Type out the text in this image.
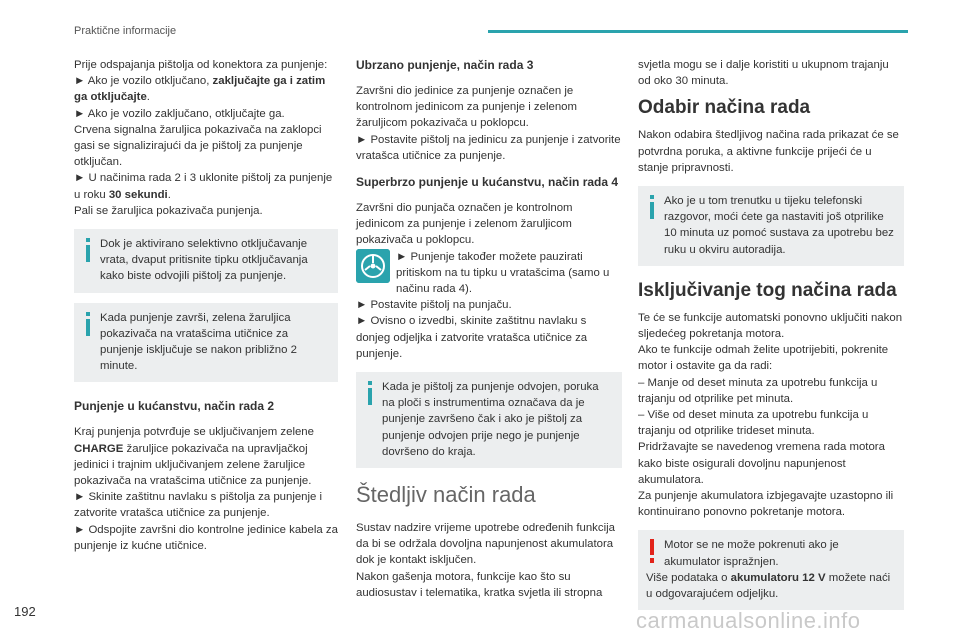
Praktične informacije

Prije odspajanja pištolja od konektora za punjenje:

► Ako je vozilo otključano, zaključajte ga i zatim ga otključajte.

► Ako je vozilo zaključano, otključajte ga.

Crvena signalna žaruljica pokazivača na zaklopci gasi se signalizirajući da je pištolj za punjenje otključan.

► U načinima rada 2 i 3 uklonite pištolj za punjenje u roku 30 sekundi.

Pali se žaruljica pokazivača punjenja.

Dok je aktivirano selektivno otključavanje vrata, dvaput pritisnite tipku otključavanja kako biste odvojili pištolj za punjenje.
Kada punjenje završi, zelena žaruljica pokazivača na vratašcima utičnice za punjenje isključuje se nakon približno 2 minute.
Punjenje u kućanstvu, način rada 2

Kraj punjenja potvrđuje se uključivanjem zelene CHARGE žaruljice pokazivača na upravljačkoj jedinici i trajnim uključivanjem zelene žaruljice pokazivača na vratašcima utičnice za punjenje.

► Skinite zaštitnu navlaku s pištolja za punjenje i zatvorite vratašca utičnice za punjenje.

► Odspojite završni dio kontrolne jedinice kabela za punjenje iz kućne utičnice.

Ubrzano punjenje, način rada 3

Završni dio jedinice za punjenje označen je kontrolnom jedinicom za punjenje i zelenom žaruljicom pokazivača u poklopcu.

► Postavite pištolj na jedinicu za punjenje i zatvorite vratašca utičnice za punjenje.

Superbrzo punjenje u kućanstvu, način rada 4

Završni dio punjača označen je kontrolnom jedinicom za punjenje i zelenom žaruljicom pokazivača u poklopcu.

► Punjenje također možete pauzirati pritiskom na tu tipku u vratašcima (samo u načinu rada 4).

► Postavite pištolj na punjaču.

► Ovisno o izvedbi, skinite zaštitnu navlaku s donjeg odjeljka i zatvorite vratašca utičnice za punjenje.

Kada je pištolj za punjenje odvojen, poruka na ploči s instrumentima označava da je punjenje završeno čak i ako je pištolj za punjenje odvojen prije nego je punjenje dovršeno do kraja.
Štedljiv način rada

Sustav nadzire vrijeme upotrebe određenih funkcija da bi se održala dovoljna napunjenost akumulatora dok je kontakt isključen.

Nakon gašenja motora, funkcije kao što su audiosustav i telematika, kratka svjetla ili stropna

svjetla mogu se i dalje koristiti u ukupnom trajanju od oko 30 minuta.

Odabir načina rada

Nakon odabira štedljivog načina rada prikazat će se potvrdna poruka, a aktivne funkcije prijeći će u stanje pripravnosti.

Ako je u tom trenutku u tijeku telefonski razgovor, moći ćete ga nastaviti još otprilike 10 minuta uz pomoć sustava za upotrebu bez ruku u okviru autoradija.
Isključivanje tog načina rada

Te će se funkcije automatski ponovno uključiti nakon sljedećeg pokretanja motora.

Ako te funkcije odmah želite upotrijebiti, pokrenite motor i ostavite ga da radi:

– Manje od deset minuta za upotrebu funkcija u trajanju od otprilike pet minuta.

– Više od deset minuta za upotrebu funkcija u trajanju od otprilike trideset minuta.

Pridržavajte se navedenog vremena rada motora kako biste osigurali dovoljnu napunjenost akumulatora.

Za punjenje akumulatora izbjegavajte uzastopno ili kontinuirano ponovno pokretanje motora.

Motor se ne može pokrenuti ako je akumulator ispražnjen.
Više podataka o akumulatoru 12 V možete naći u odgovarajućem odjeljku.
192	carmanualsonline.info
